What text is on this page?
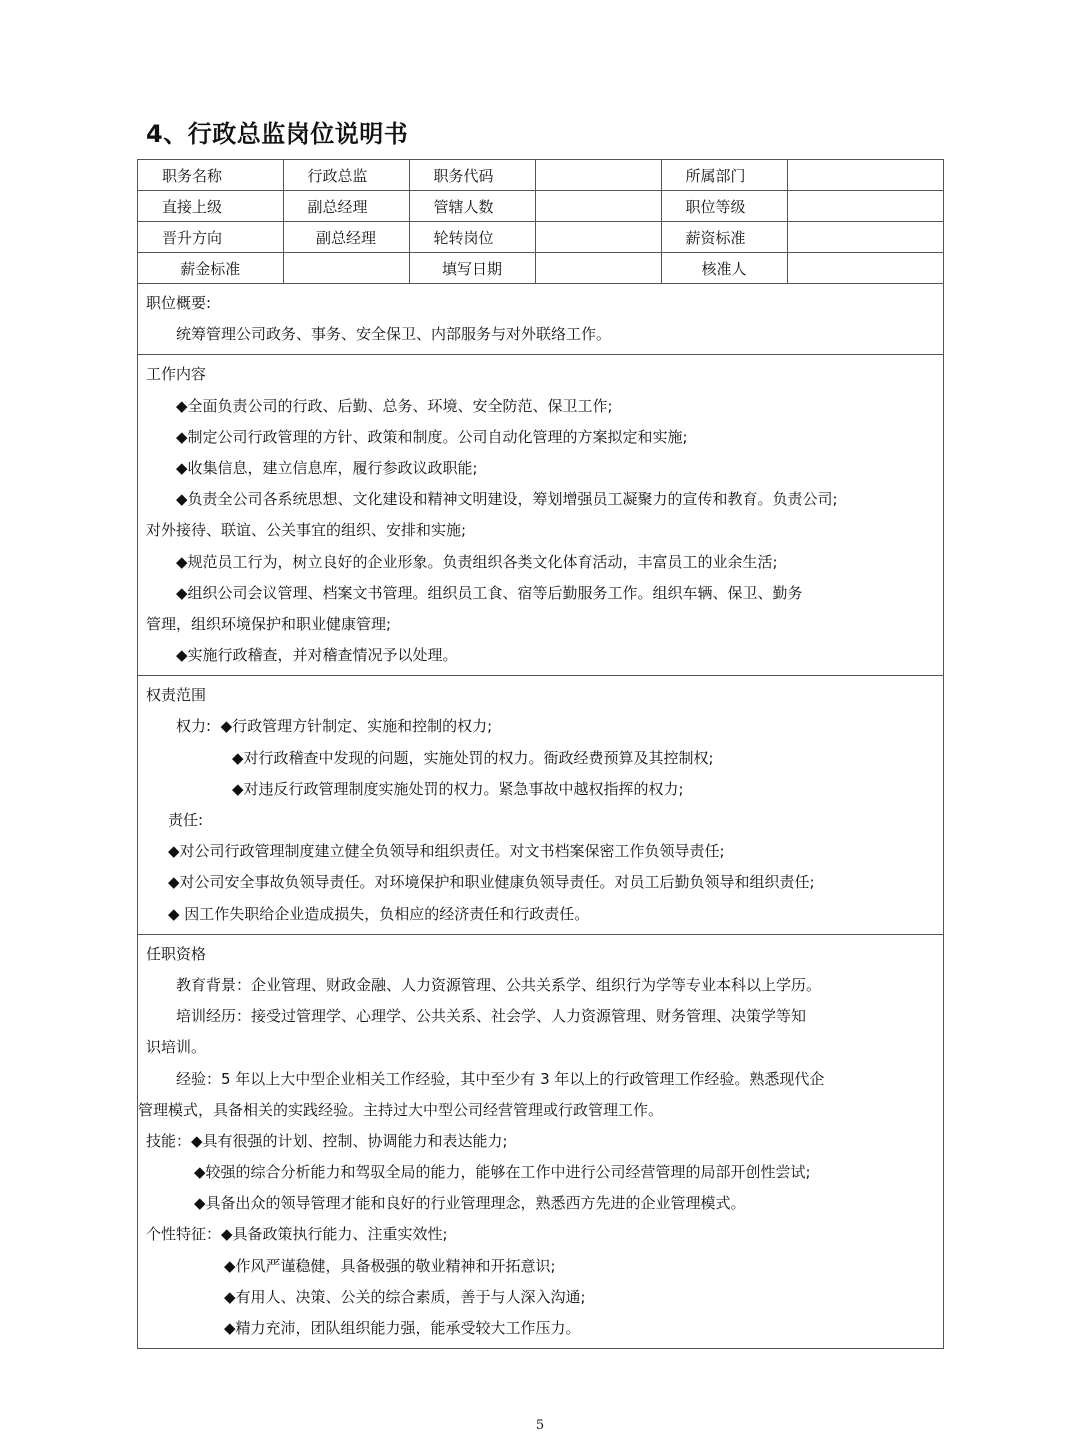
4、行政总监岗位说明书
职务名称	行政总监	职务代码		所属部门	
直接上级	副总经理	管辖人数		职位等级	
晋升方向	副总经理	轮转岗位		薪资标准	
薪金标准		填写日期		核准人	
职位概要:
统筹管理公司政务、事务、安全保卫、内部服务与对外联络工作。
工作内容
◆全面负责公司的行政、后勤、总务、环境、安全防范、保卫工作;
◆制定公司行政管理的方针、政策和制度。公司自动化管理的方案拟定和实施;
◆收集信息，建立信息库，履行参政议政职能;
◆负责全公司各系统思想、文化建设和精神文明建设，筹划增强员工凝聚力的宣传和教育。负责公司;
对外接待、联谊、公关事宜的组织、安排和实施;
◆规范员工行为，树立良好的企业形象。负责组织各类文化体育活动，丰富员工的业余生活;
◆组织公司会议管理、档案文书管理。组织员工食、宿等后勤服务工作。组织车辆、保卫、勤务
管理，组织环境保护和职业健康管理;
◆实施行政稽查，并对稽查情况予以处理。
权责范围
权力: ◆行政管理方针制定、实施和控制的权力;
◆对行政稽查中发现的问题，实施处罚的权力。衙政经费预算及其控制权;
◆对违反行政管理制度实施处罚的权力。紧急事故中越权指挥的权力;
责任:
◆对公司行政管理制度建立健全负领导和组织责任。对文书档案保密工作负领导责任;
◆对公司安全事故负领导责任。对环境保护和职业健康负领导责任。对员工后勤负领导和组织责任;
◆ 因工作失职给企业造成损失，负相应的经济责任和行政责任。
任职资格
教育背景：企业管理、财政金融、人力资源管理、公共关系学、组织行为学等专业本科以上学历。
培训经历：接受过管理学、心理学、公共关系、社会学、人力资源管理、财务管理、决策学等知
识培训。
经验：5 年以上大中型企业相关工作经验，其中至少有 3 年以上的行政管理工作经验。熟悉现代企
管理模式，具备相关的实践经验。主持过大中型公司经营管理或行政管理工作。
技能：◆具有很强的计划、控制、协调能力和表达能力;
◆较强的综合分析能力和驾驭全局的能力，能够在工作中进行公司经营管理的局部开创性尝试;
◆具备出众的领导管理才能和良好的行业管理理念，熟悉西方先进的企业管理模式。
个性特征：◆具备政策执行能力、注重实效性;
◆作风严谨稳健，具备极强的敬业精神和开拓意识;
◆有用人、决策、公关的综合素质，善于与人深入沟通;
◆精力充沛，团队组织能力强，能承受较大工作压力。
5
